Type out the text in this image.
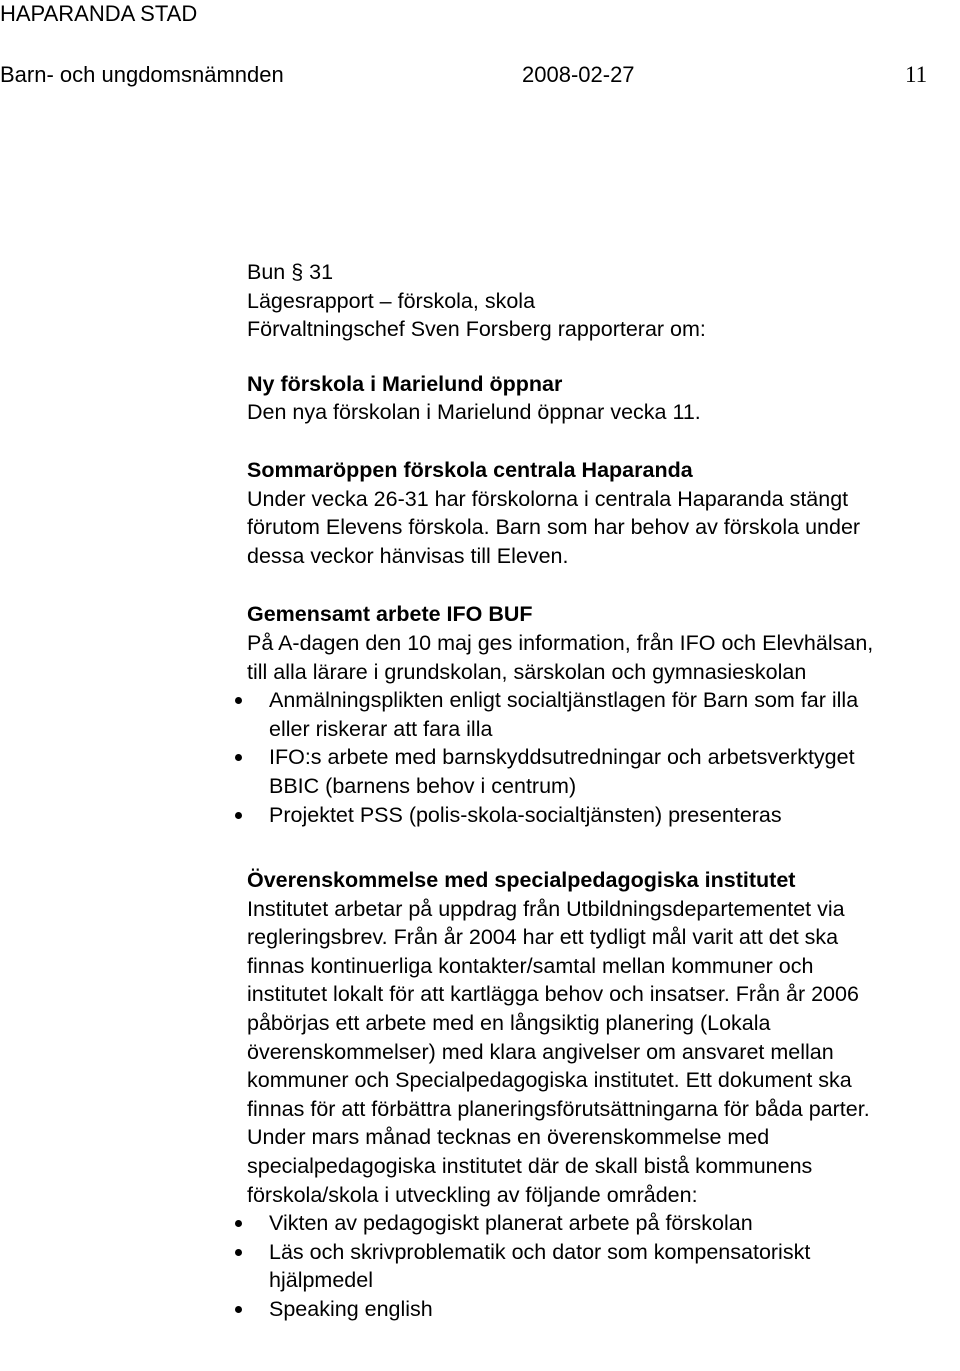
HAPARANDA STAD
Barn- och ungdomsnämnden	2008-02-27	11

Bun § 31

Lägesrapport – förskola, skola

Förvaltningschef Sven Forsberg rapporterar om:

Ny förskola i Marielund öppnar

Den nya förskolan i Marielund öppnar vecka 11.

Sommaröppen förskola centrala Haparanda

Under vecka 26-31 har förskolorna i centrala Haparanda stängt

förutom Elevens förskola. Barn som har behov av förskola under

dessa veckor hänvisas till Eleven.

Gemensamt arbete IFO BUF

På A-dagen den 10 maj ges information, från IFO och Elevhälsan,

till alla lärare i grundskolan, särskolan och gymnasieskolan

Anmälningsplikten enligt socialtjänstlagen för Barn som far illa
eller riskerar att fara illa
IFO:s arbete med barnskyddsutredningar och arbetsverktyget
BBIC (barnens behov i centrum)
Projektet PSS (polis-skola-socialtjänsten) presenteras
Överenskommelse med specialpedagogiska institutet

Institutet arbetar på uppdrag från Utbildningsdepartementet via

regleringsbrev. Från år 2004 har ett tydligt mål varit att det ska

finnas kontinuerliga kontakter/samtal mellan kommuner och

institutet lokalt för att kartlägga behov och insatser. Från år 2006

påbörjas ett arbete med en långsiktig planering (Lokala

överenskommelser) med klara angivelser om ansvaret mellan

kommuner och Specialpedagogiska institutet. Ett dokument ska

finnas för att förbättra planeringsförutsättningarna för båda parter.

Under mars månad tecknas en överenskommelse med

specialpedagogiska institutet där de skall bistå kommunens

förskola/skola i utveckling av följande områden:

Vikten av pedagogiskt planerat arbete på förskolan
Läs och skrivproblematik och dator som kompensatoriskt
hjälpmedel
Speaking english
